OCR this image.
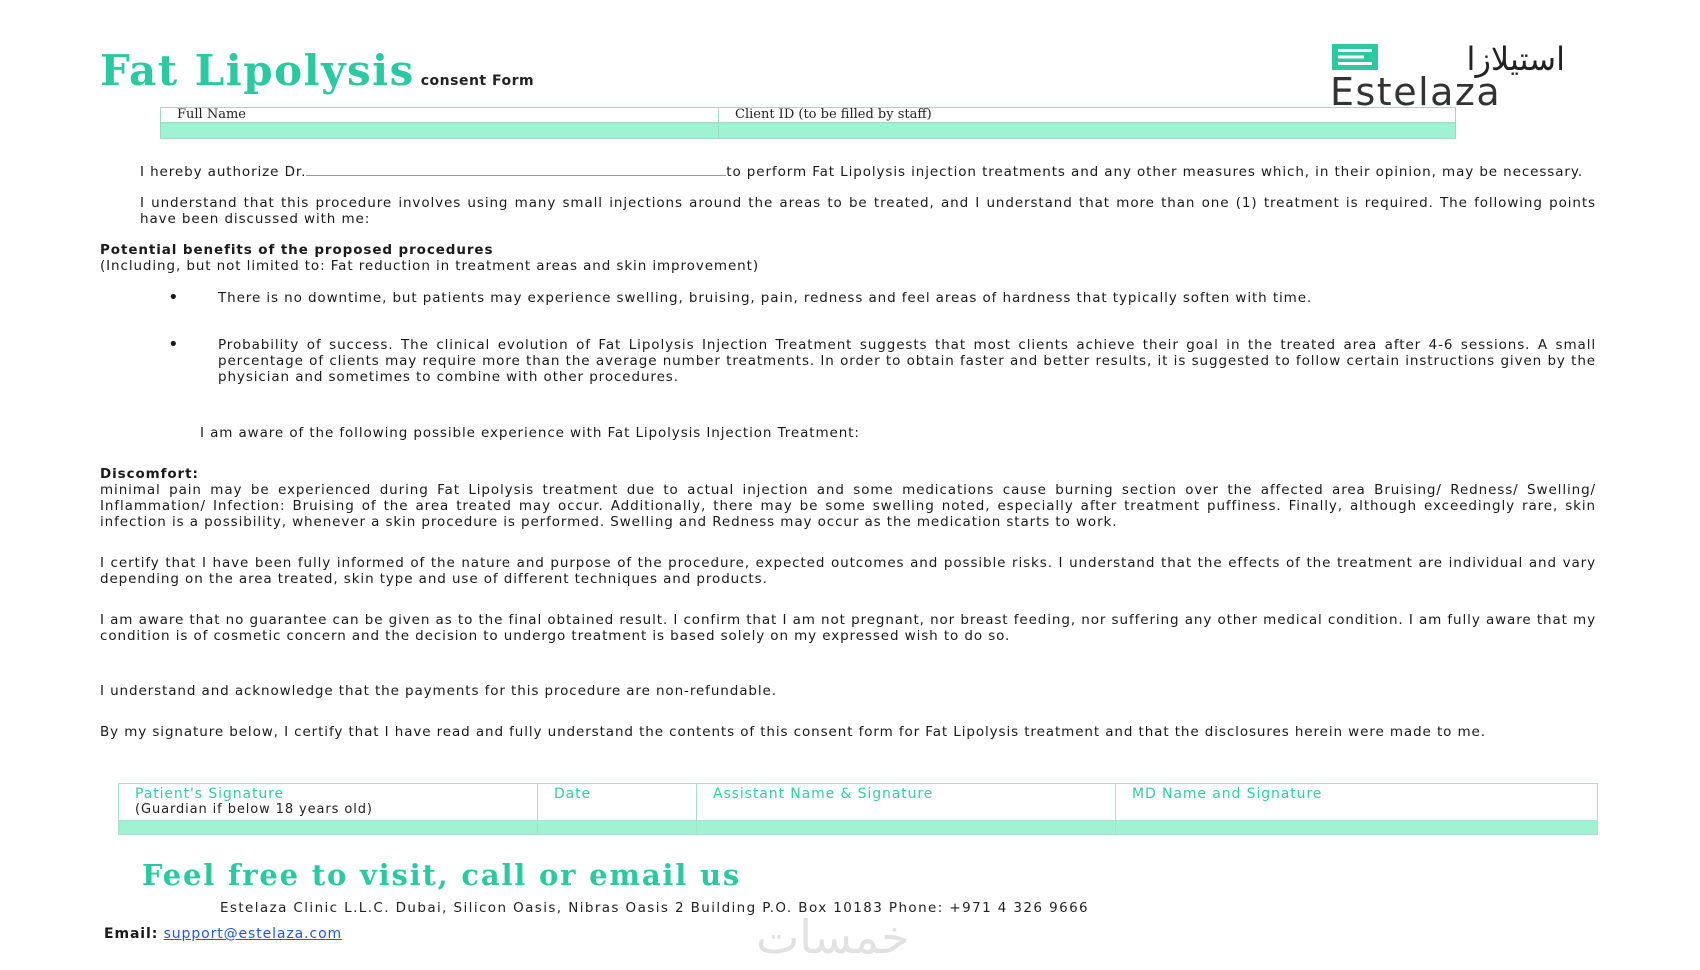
Fat Lipolysis consent Form
استيلازا
Estelaza
Full Name	Client ID (to be filled by staff)

I hereby authorize Dr.	to perform Fat Lipolysis injection treatments and any other measures which, in their opinion, may be necessary.
I understand that this procedure involves using many small injections around the areas to be treated, and I understand that more than one (1) treatment is required. The following points have been discussed with me:
Potential benefits of the proposed procedures
(Including, but not limited to: Fat reduction in treatment areas and skin improvement)
•	There is no downtime, but patients may experience swelling, bruising, pain, redness and feel areas of hardness that typically soften with time.
•	Probability of success. The clinical evolution of Fat Lipolysis Injection Treatment suggests that most clients achieve their goal in the treated area after 4-6 sessions. A small percentage of clients may require more than the average number treatments. In order to obtain faster and better results, it is suggested to follow certain instructions given by the physician and sometimes to combine with other procedures.
I am aware of the following possible experience with Fat Lipolysis Injection Treatment:
Discomfort:
minimal pain may be experienced during Fat Lipolysis treatment due to actual injection and some medications cause burning section over the affected area Bruising/ Redness/ Swelling/ Inflammation/ Infection: Bruising of the area treated may occur. Additionally, there may be some swelling noted, especially after treatment puffiness. Finally, although exceedingly rare, skin infection is a possibility, whenever a skin procedure is performed. Swelling and Redness may occur as the medication starts to work.
I certify that I have been fully informed of the nature and purpose of the procedure, expected outcomes and possible risks. I understand that the effects of the treatment are individual and vary depending on the area treated, skin type and use of different techniques and products.
I am aware that no guarantee can be given as to the final obtained result. I confirm that I am not pregnant, nor breast feeding, nor suffering any other medical condition. I am fully aware that my condition is of cosmetic concern and the decision to undergo treatment is based solely on my expressed wish to do so.
I understand and acknowledge that the payments for this procedure are non-refundable.
By my signature below, I certify that I have read and fully understand the contents of this consent form for Fat Lipolysis treatment and that the disclosures herein were made to me.
Patient's Signature
(Guardian if below 18 years old)	Date	Assistant Name & Signature	MD Name and Signature

Feel free to visit, call or email us
Estelaza Clinic L.L.C. Dubai, Silicon Oasis, Nibras Oasis 2 Building P.O. Box 10183 Phone: +971 4 326 9666
Email: support@estelaza.com	خمسات
